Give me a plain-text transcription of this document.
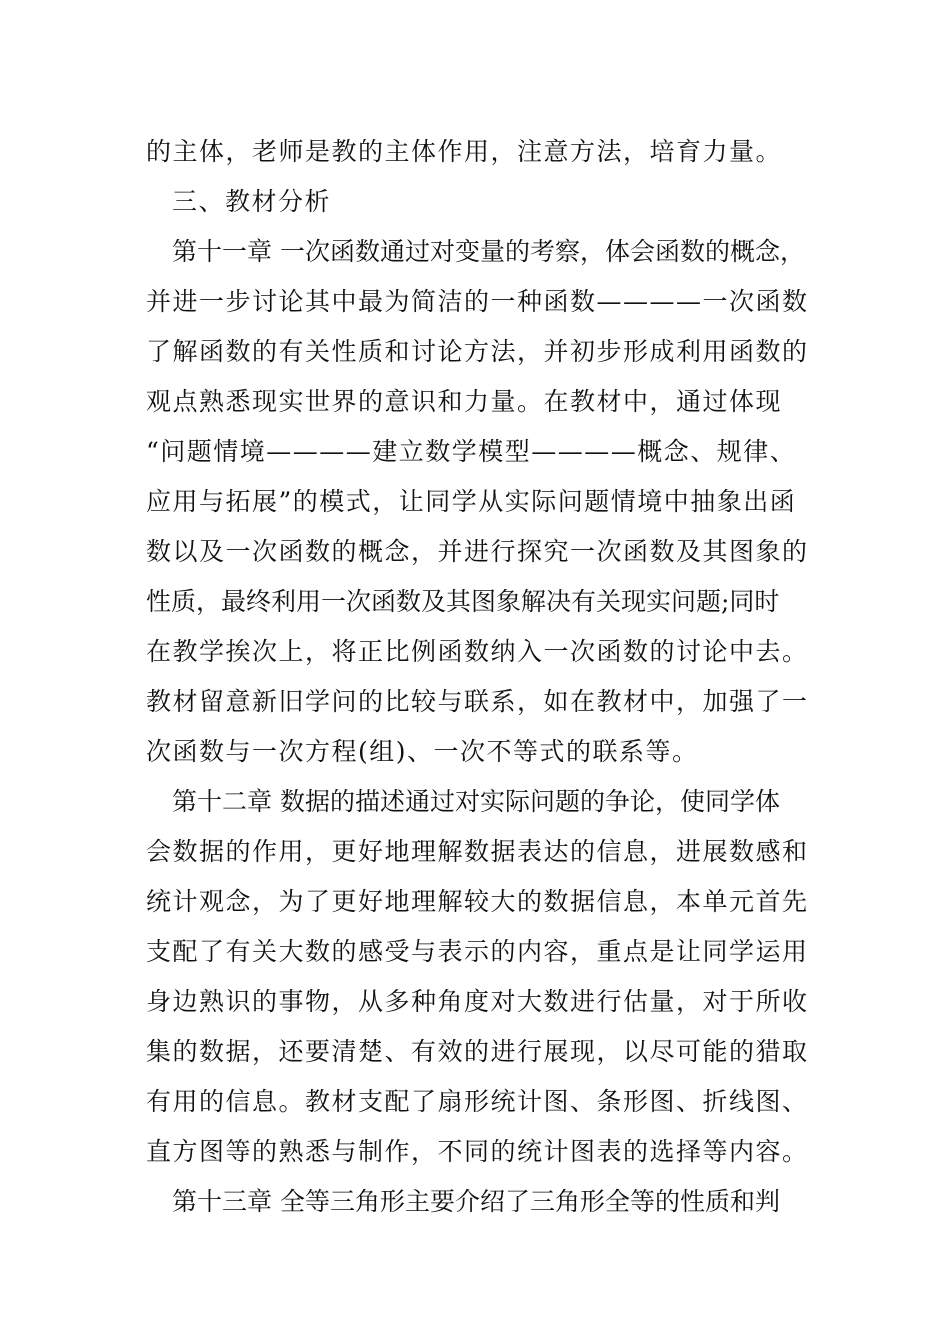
的主体，老师是教的主体作用，注意方法，培育力量。
三、教材分析
第十一章 一次函数通过对变量的考察，体会函数的概念，
并进一步讨论其中最为简洁的一种函数————一次函数
了解函数的有关性质和讨论方法，并初步形成利用函数的
观点熟悉现实世界的意识和力量。在教材中，通过体现
“问题情境————建立数学模型————概念、规律、
应用与拓展”的模式，让同学从实际问题情境中抽象出函
数以及一次函数的概念，并进行探究一次函数及其图象的
性质，最终利用一次函数及其图象解决有关现实问题;同时
在教学挨次上，将正比例函数纳入一次函数的讨论中去。
教材留意新旧学问的比较与联系，如在教材中，加强了一
次函数与一次方程(组)、一次不等式的联系等。
第十二章 数据的描述通过对实际问题的争论，使同学体
会数据的作用，更好地理解数据表达的信息，进展数感和
统计观念，为了更好地理解较大的数据信息，本单元首先
支配了有关大数的感受与表示的内容，重点是让同学运用
身边熟识的事物，从多种角度对大数进行估量，对于所收
集的数据，还要清楚、有效的进行展现，以尽可能的猎取
有用的信息。教材支配了扇形统计图、条形图、折线图、
直方图等的熟悉与制作，不同的统计图表的选择等内容。
第十三章 全等三角形主要介绍了三角形全等的性质和判
